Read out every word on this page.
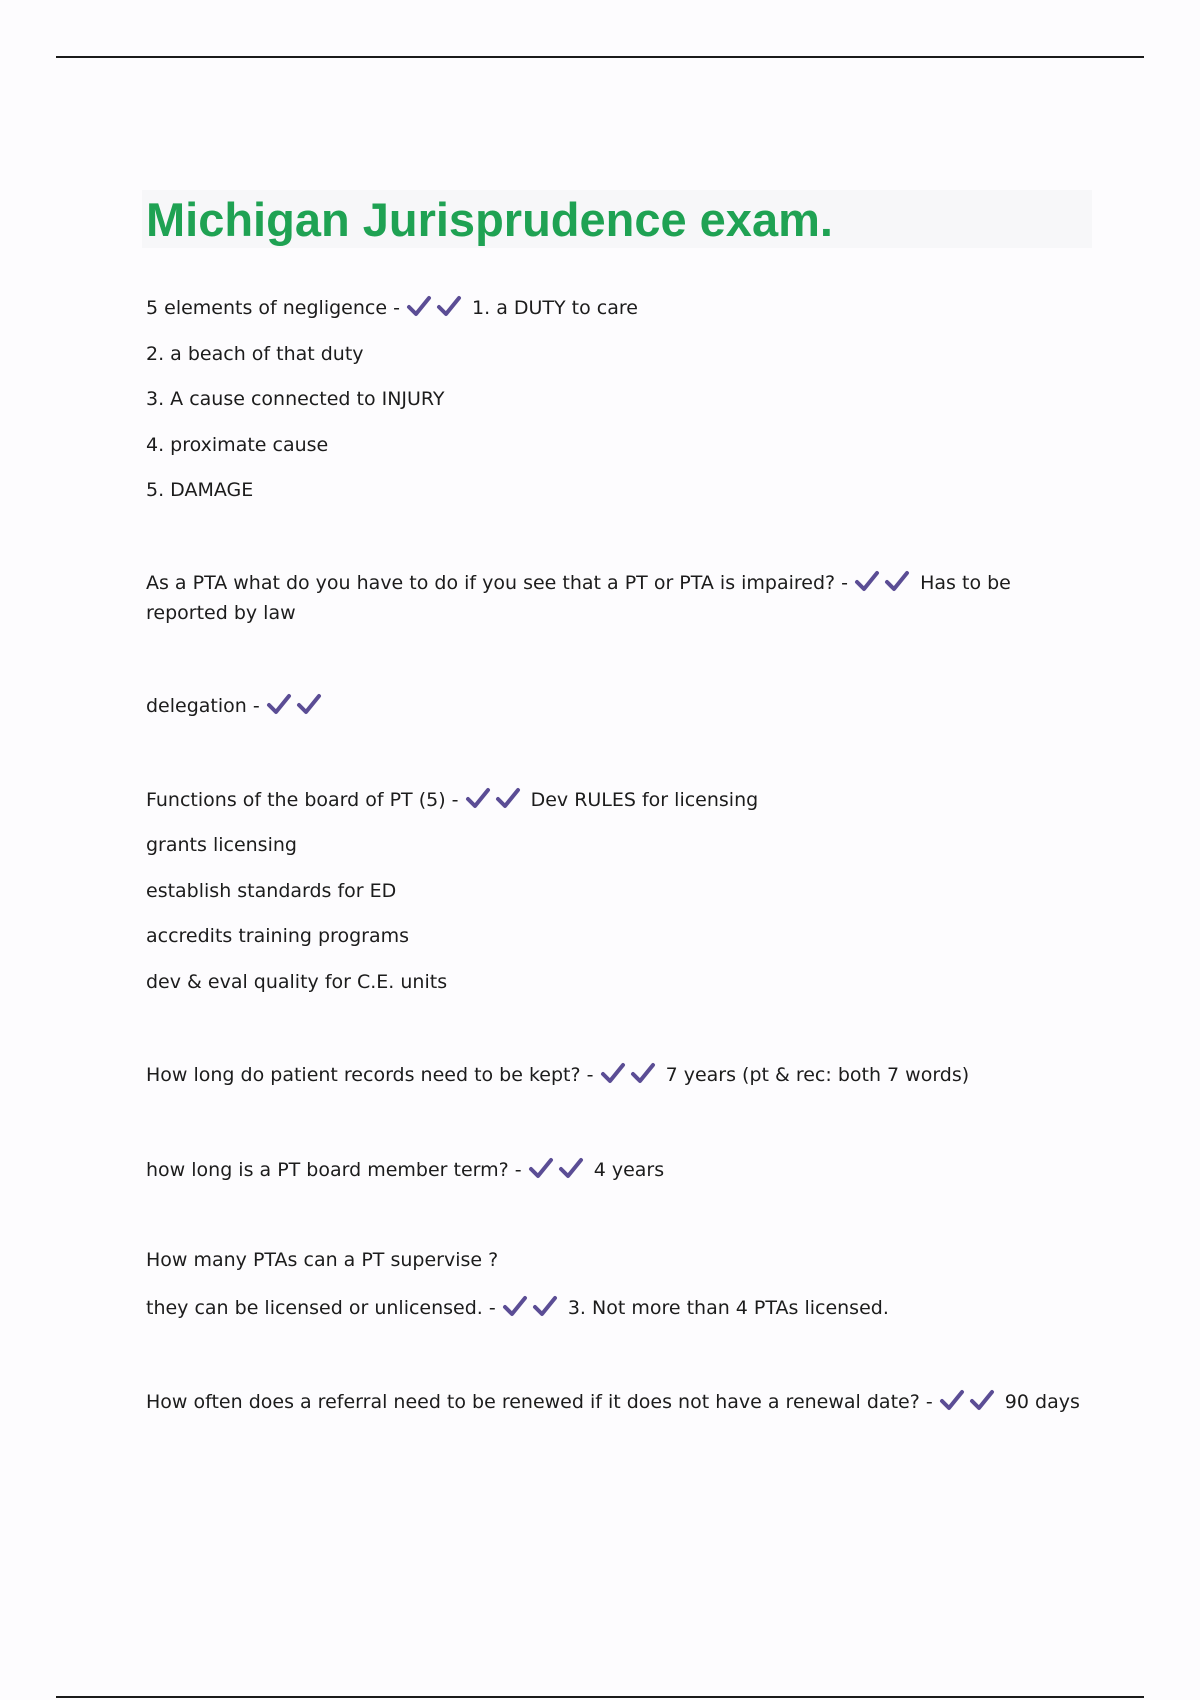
Michigan Jurisprudence exam.
5 elements of negligence -	1. a DUTY to care
2. a beach of that duty
3. A cause connected to INJURY
4. proximate cause
5. DAMAGE
As a PTA what do you have to do if you see that a PT or PTA is impaired? -	Has to be reported by law
delegation -
Functions of the board of PT (5) -	Dev RULES for licensing
grants licensing
establish standards for ED
accredits training programs
dev & eval quality for C.E. units
How long do patient records need to be kept? -	7 years (pt & rec: both 7 words)
how long is a PT board member term? -	4 years
How many PTAs can a PT supervise ?
they can be licensed or unlicensed. -	3. Not more than 4 PTAs licensed.
How often does a referral need to be renewed if it does not have a renewal date? -	90 days
